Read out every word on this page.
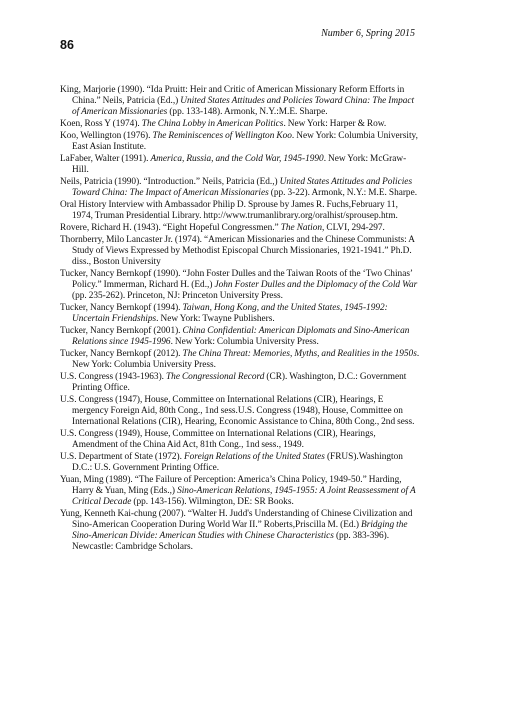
Number 6, Spring 2015
86

King, Marjorie (1990). “Ida Pruitt: Heir and Critic of American Missionary Reform Efforts in China.” Neils, Patricia (Ed.,) United States Attitudes and Policies Toward China: The Impact of American Missionaries (pp. 133-148). Armonk, N.Y.:M.E. Sharpe.

Koen, Ross Y (1974). The China Lobby in American Politics. New York: Harper & Row.

Koo, Wellington (1976). The Reminiscences of Wellington Koo. New York: Columbia University, East Asian Institute.

LaFaber, Walter (1991). America, Russia, and the Cold War, 1945-1990. New York: McGraw-Hill.

Neils, Patricia (1990). “Introduction.” Neils, Patricia (Ed.,) United States Attitudes and Policies Toward China: The Impact of American Missionaries (pp. 3-22). Armonk, N.Y.: M.E. Sharpe.

Oral History Interview with Ambassador Philip D. Sprouse by James R. Fuchs,February 11, 1974, Truman Presidential Library. http://www.trumanlibrary.org/oralhist/sprousep.htm.

Rovere, Richard H. (1943). “Eight Hopeful Congressmen.” The Nation, CLVI, 294-297.

Thornberry, Milo Lancaster Jr. (1974). “American Missionaries and the Chinese Communists: A Study of Views Expressed by Methodist Episcopal Church Missionaries, 1921-1941.” Ph.D. diss., Boston University

Tucker, Nancy Bernkopf (1990). “John Foster Dulles and the Taiwan Roots of the ‘Two Chinas’ Policy.” Immerman, Richard H. (Ed.,) John Foster Dulles and the Diplomacy of the Cold War (pp. 235-262). Princeton, NJ: Princeton University Press.

Tucker, Nancy Bernkopf (1994). Taiwan, Hong Kong, and the United States, 1945-1992: Uncertain Friendships. New York: Twayne Publishers.

Tucker, Nancy Bernkopf (2001). China Confidential: American Diplomats and Sino-American Relations since 1945-1996. New York: Columbia University Press.

Tucker, Nancy Bernkopf (2012). The China Threat: Memories, Myths, and Realities in the 1950s. New York: Columbia University Press.

U.S. Congress (1943-1963). The Congressional Record (CR). Washington, D.C.: Government Printing Office.

U.S. Congress (1947), House, Committee on International Relations (CIR), Hearings, E mergency Foreign Aid, 80th Cong., 1nd sess.U.S. Congress (1948), House, Committee on International Relations (CIR), Hearing, Economic Assistance to China, 80th Cong., 2nd sess.

U.S. Congress (1949), House, Committee on International Relations (CIR), Hearings, Amendment of the China Aid Act, 81th Cong., 1nd sess., 1949.

U.S. Department of State (1972). Foreign Relations of the United States (FRUS).Washington D.C.: U.S. Government Printing Office.

Yuan, Ming (1989). “The Failure of Perception: America’s China Policy, 1949-50.” Harding, Harry & Yuan, Ming (Eds.,) Sino-American Relations, 1945-1955: A Joint Reassessment of A Critical Decade (pp. 143-156). Wilmington, DE: SR Books.

Yung, Kenneth Kai-chung (2007). “Walter H. Judd's Understanding of Chinese Civilization and Sino-American Cooperation During World War II.” Roberts,Priscilla M. (Ed.) Bridging the Sino-American Divide: American Studies with Chinese Characteristics (pp. 383-396). Newcastle: Cambridge Scholars.
